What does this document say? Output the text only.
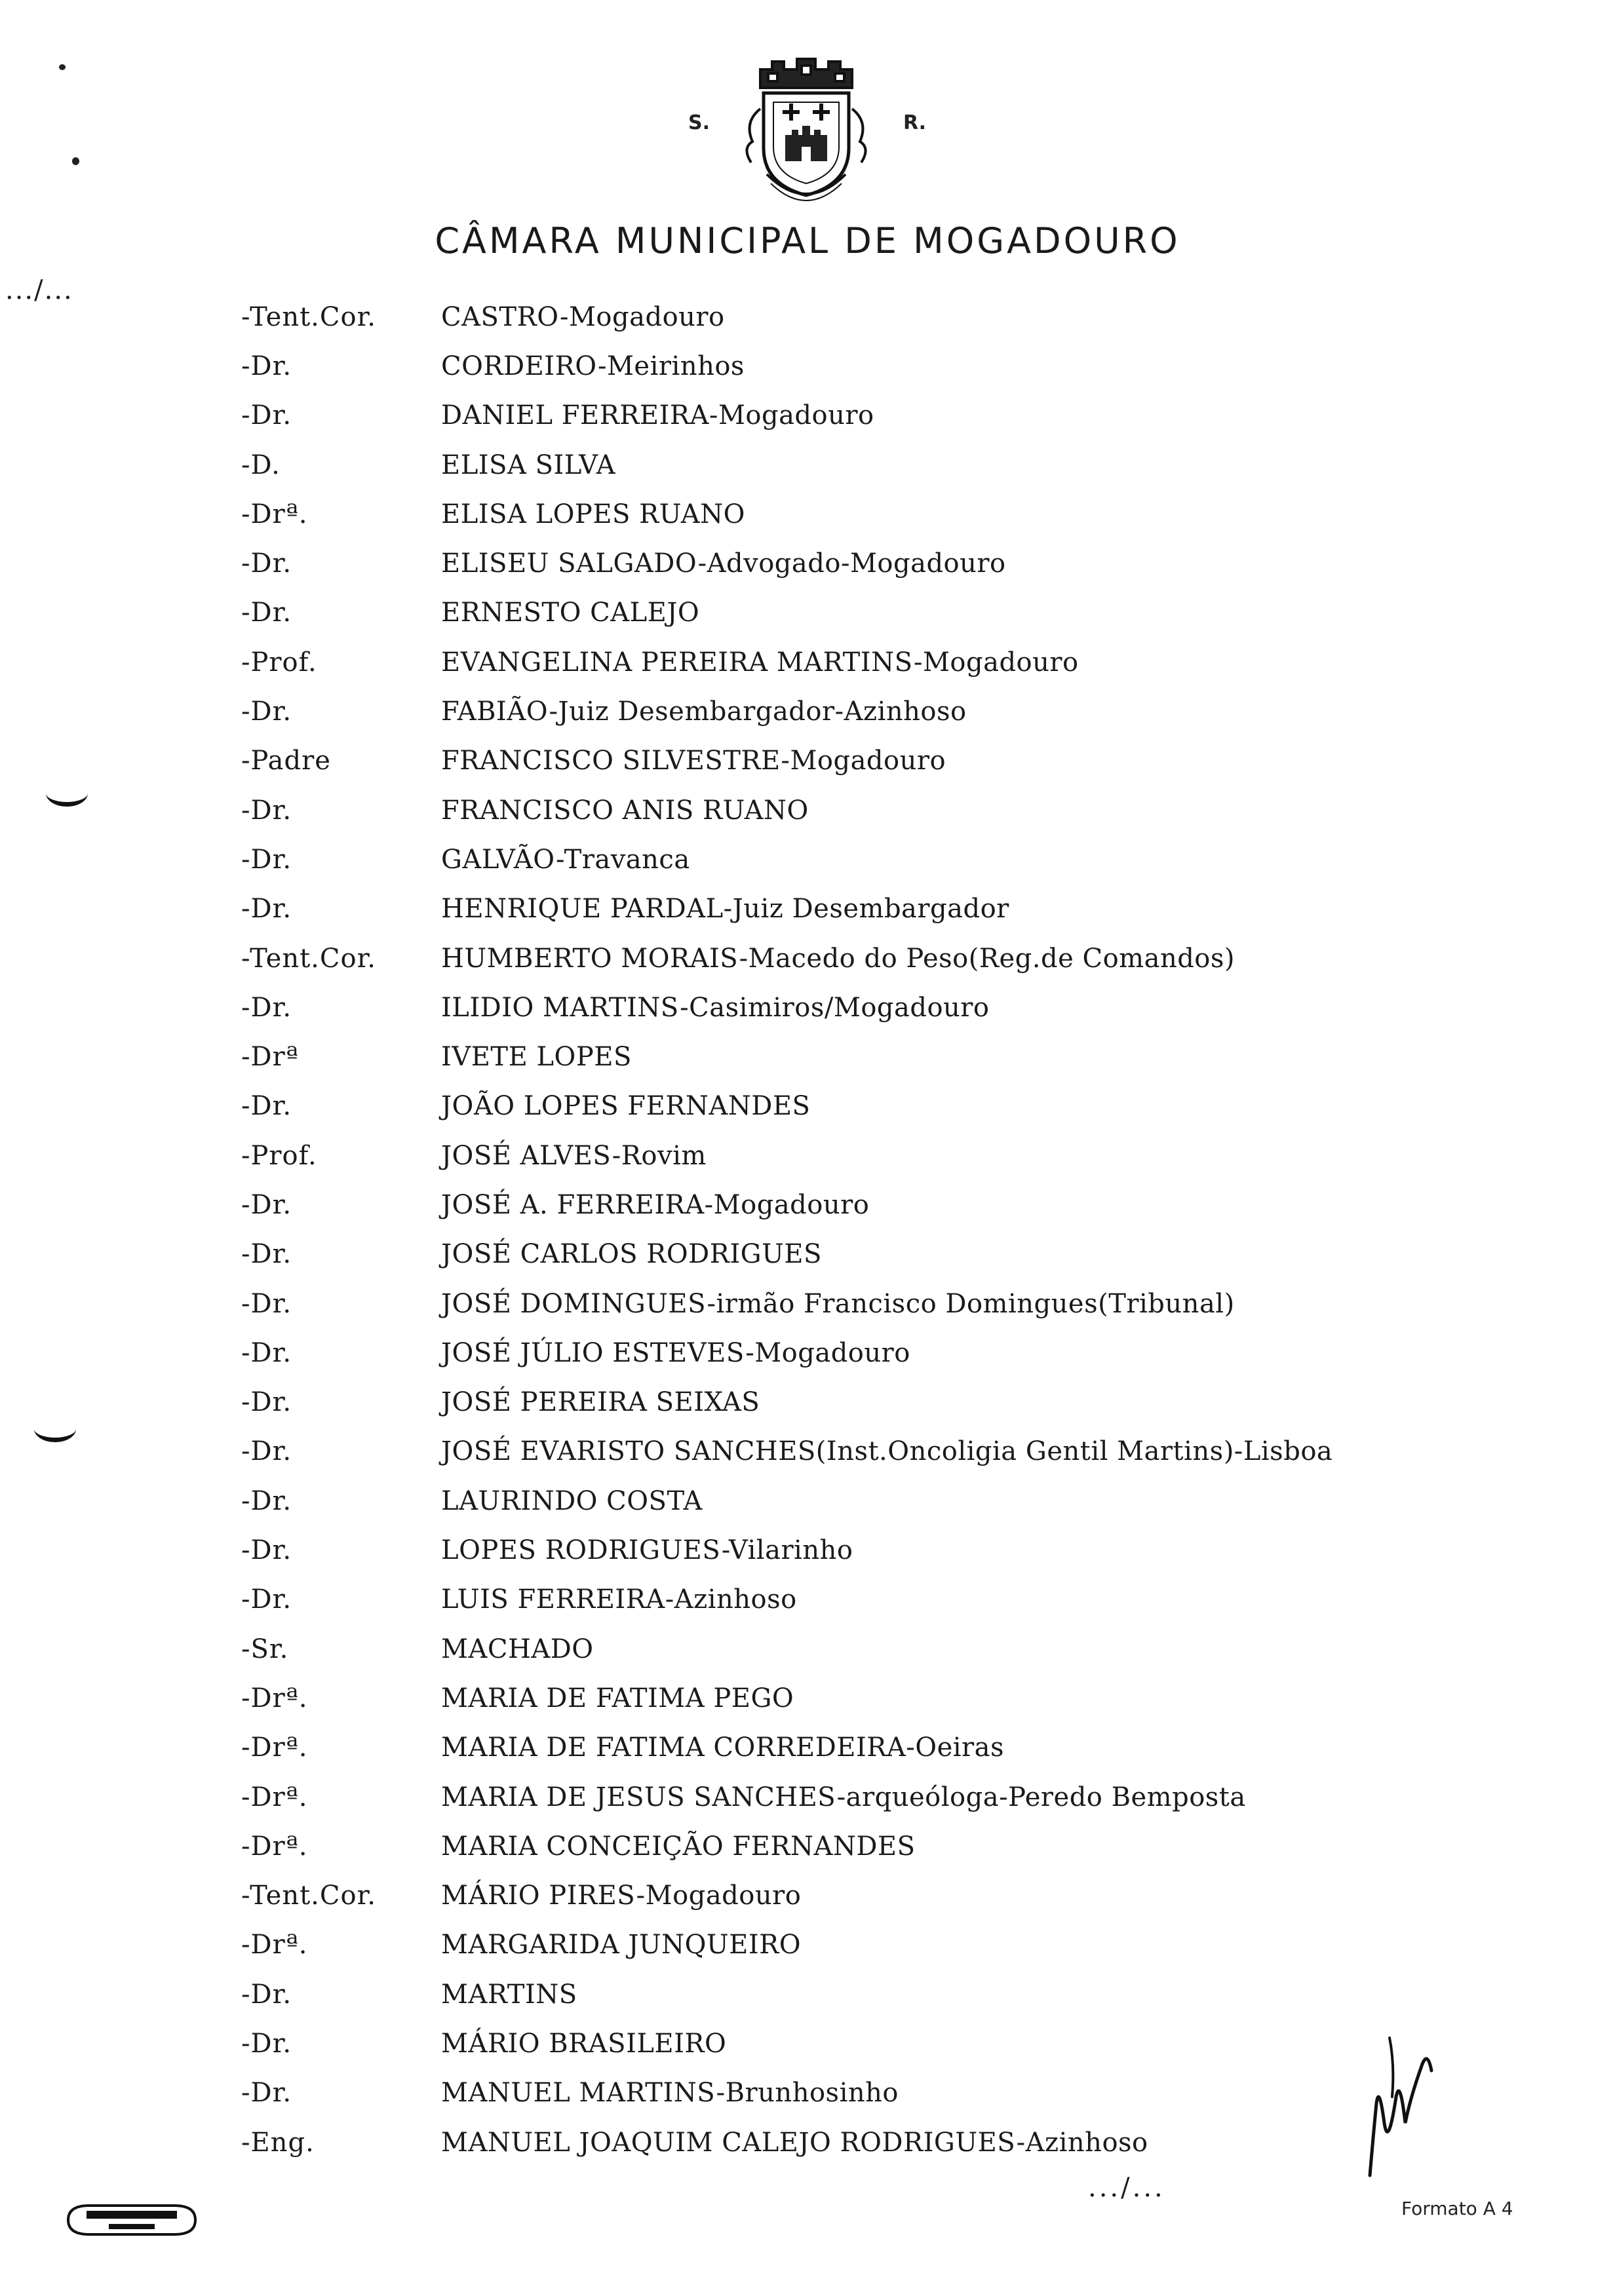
S.	R.
CÂMARA MUNICIPAL DE MOGADOURO
.../...
-Tent.Cor.	CASTRO-Mogadouro
-Dr.	CORDEIRO-Meirinhos
-Dr.	DANIEL FERREIRA-Mogadouro
-D.	ELISA SILVA
-Drª.	ELISA LOPES RUANO
-Dr.	ELISEU SALGADO-Advogado-Mogadouro
-Dr.	ERNESTO CALEJO
-Prof.	EVANGELINA PEREIRA MARTINS-Mogadouro
-Dr.	FABIÃO-Juiz Desembargador-Azinhoso
-Padre	FRANCISCO SILVESTRE-Mogadouro
-Dr.	FRANCISCO ANIS RUANO
-Dr.	GALVÃO-Travanca
-Dr.	HENRIQUE PARDAL-Juiz Desembargador
-Tent.Cor.	HUMBERTO MORAIS-Macedo do Peso(Reg.de Comandos)
-Dr.	ILIDIO MARTINS-Casimiros/Mogadouro
-Drª	IVETE LOPES
-Dr.	JOÃO LOPES FERNANDES
-Prof.	JOSÉ ALVES-Rovim
-Dr.	JOSÉ A. FERREIRA-Mogadouro
-Dr.	JOSÉ CARLOS RODRIGUES
-Dr.	JOSÉ DOMINGUES-irmão Francisco Domingues(Tribunal)
-Dr.	JOSÉ JÚLIO ESTEVES-Mogadouro
-Dr.	JOSÉ PEREIRA SEIXAS
-Dr.	JOSÉ EVARISTO SANCHES(Inst.Oncoligia Gentil Martins)-Lisboa
-Dr.	LAURINDO COSTA
-Dr.	LOPES RODRIGUES-Vilarinho
-Dr.	LUIS FERREIRA-Azinhoso
-Sr.	MACHADO
-Drª.	MARIA DE FATIMA PEGO
-Drª.	MARIA DE FATIMA CORREDEIRA-Oeiras
-Drª.	MARIA DE JESUS SANCHES-arqueóloga-Peredo Bemposta
-Drª.	MARIA CONCEIÇÃO FERNANDES
-Tent.Cor.	MÁRIO PIRES-Mogadouro
-Drª.	MARGARIDA JUNQUEIRO
-Dr.	MARTINS
-Dr.	MÁRIO BRASILEIRO
-Dr.	MANUEL MARTINS-Brunhosinho
-Eng.	MANUEL JOAQUIM CALEJO RODRIGUES-Azinhoso
.../...
Formato A 4
